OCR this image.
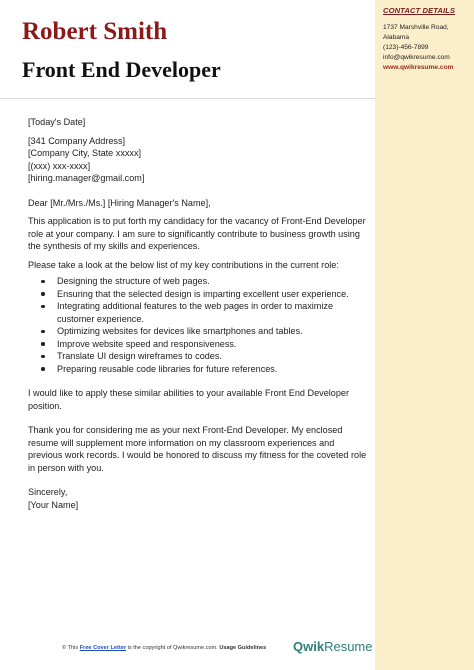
CONTACT DETAILS
1737 Marshville Road,
Alabama
(123)-456-7899
info@qwikresume.com
www.qwikresume.com
Robert Smith
Front End Developer

[Today's Date]

[341 Company Address]

[Company City, State xxxxx]

[(xxx) xxx-xxxx]

[hiring.manager@gmail.com]

Dear [Mr./Mrs./Ms.] [Hiring Manager's Name],

This application is to put forth my candidacy for the vacancy of Front-End Developer role at your company. I am sure to significantly contribute to business growth using the synthesis of my skills and experiences.

Please take a look at the below list of my key contributions in the current role:

Designing the structure of web pages.
Ensuring that the selected design is imparting excellent user experience.
Integrating additional features to the web pages in order to maximize customer experience.
Optimizing websites for devices like smartphones and tables.
Improve website speed and responsiveness.
Translate UI design wireframes to codes.
Preparing reusable code libraries for future references.

I would like to apply these similar abilities to your available Front End Developer position.

Thank you for considering me as your next Front-End Developer. My enclosed resume will supplement more information on my classroom experiences and previous work records. I would be honored to discuss my fitness for the coveted role in person with you.

Sincerely,

[Your Name]

© This Free Cover Letter is the copyright of Qwikresume.com. Usage Guidelines QwikResume
